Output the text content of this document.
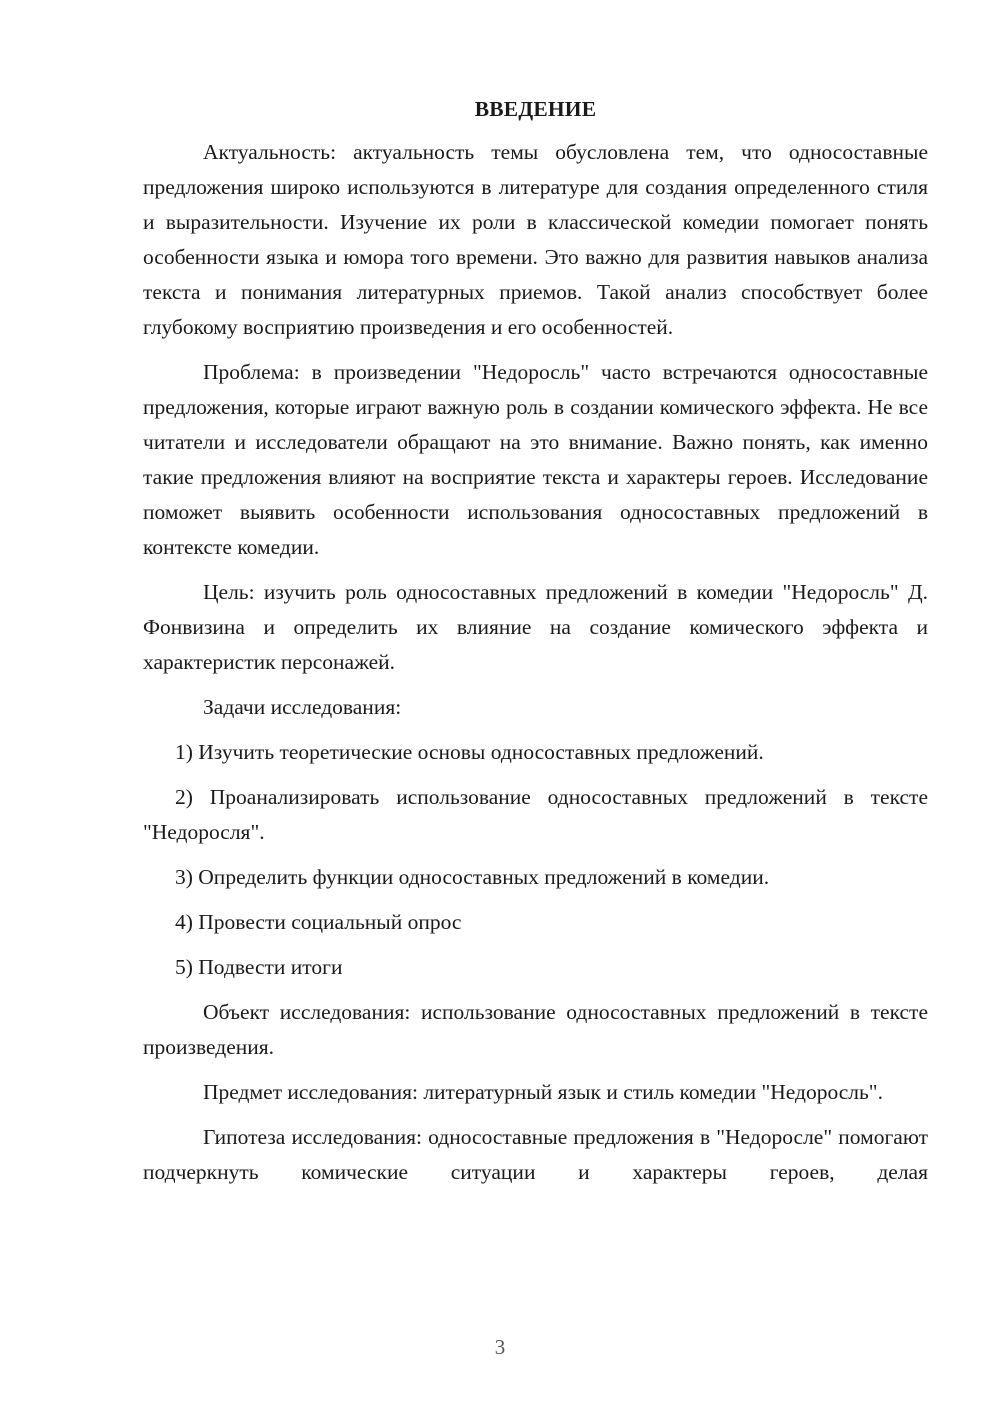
ВВЕДЕНИЕ

Актуальность: актуальность темы обусловлена тем, что односоставные предложения широко используются в литературе для создания определенного стиля и выразительности. Изучение их роли в классической комедии помогает понять особенности языка и юмора того времени. Это важно для развития навыков анализа текста и понимания литературных приемов. Такой анализ способствует более глубокому восприятию произведения и его особенностей.

Проблема: в произведении "Недоросль" часто встречаются односоставные предложения, которые играют важную роль в создании комического эффекта. Не все читатели и исследователи обращают на это внимание. Важно понять, как именно такие предложения влияют на восприятие текста и характеры героев. Исследование поможет выявить особенности использования односоставных предложений в контексте комедии.

Цель: изучить роль односоставных предложений в комедии "Недоросль" Д. Фонвизина и определить их влияние на создание комического эффекта и характеристик персонажей.

Задачи исследования:

1) Изучить теоретические основы односоставных предложений.

2) Проанализировать использование односоставных предложений в тексте "Недоросля".

3) Определить функции односоставных предложений в комедии.

4) Провести социальный опрос

5) Подвести итоги

Объект исследования: использование односоставных предложений в тексте произведения.

Предмет исследования: литературный язык и стиль комедии "Недоросль".

Гипотеза исследования: односоставные предложения в "Недоросле" помогают подчеркнуть комические ситуации и характеры героев, делая

3
